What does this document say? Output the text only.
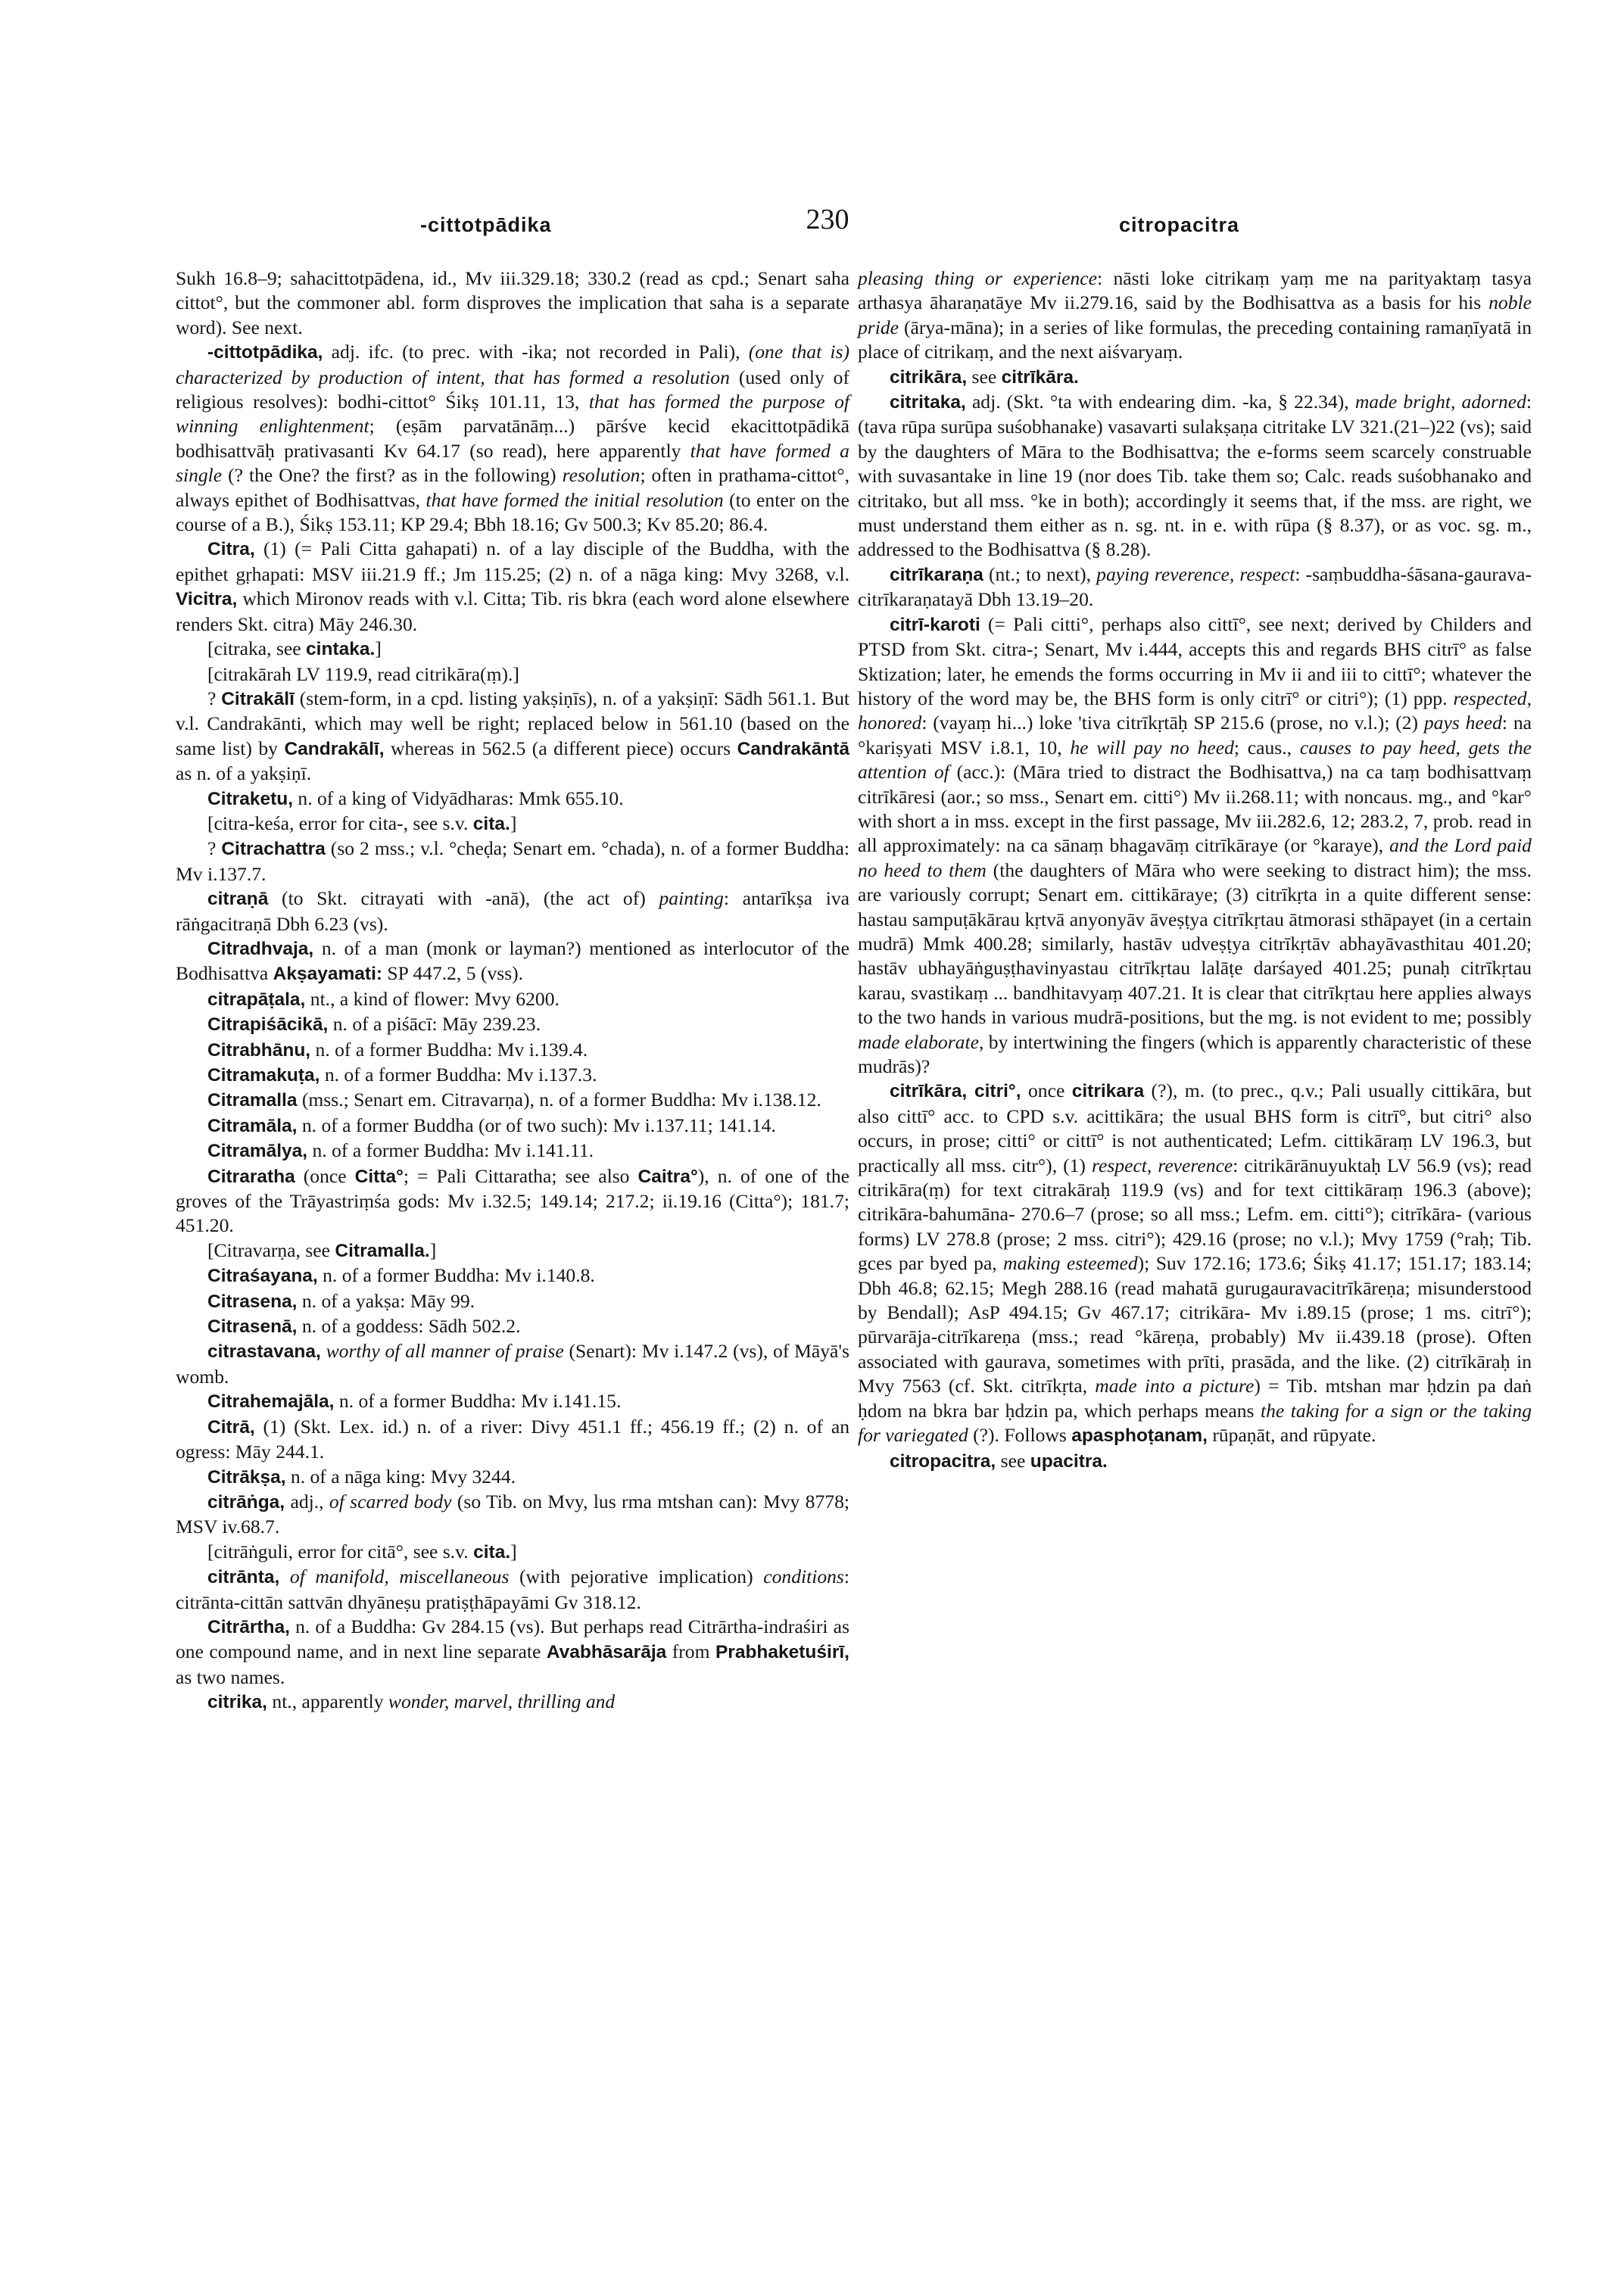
-cittotpādika	230	citropacitra

Sukh 16.8–9; sahacittotpādena, id., Mv iii.329.18; 330.2 (read as cpd.; Senart saha cittot°, but the commoner abl. form disproves the implication that saha is a separate word). See next.

-cittotpādika, adj. ifc. (to prec. with -ika; not recorded in Pali), (one that is) characterized by production of intent, that has formed a resolution (used only of religious resolves): bodhi-cittot° Śikṣ 101.11, 13, that has formed the purpose of winning enlightenment; (eṣām parvatānāṃ...) pārśve kecid ekacittotpādikā bodhisattvāḥ prativasanti Kv 64.17 (so read), here apparently that have formed a single (? the One? the first? as in the following) resolution; often in prathama-cittot°, always epithet of Bodhisattvas, that have formed the initial resolution (to enter on the course of a B.), Śikṣ 153.11; KP 29.4; Bbh 18.16; Gv 500.3; Kv 85.20; 86.4.

Citra, (1) (= Pali Citta gahapati) n. of a lay disciple of the Buddha, with the epithet gṛhapati: MSV iii.21.9 ff.; Jm 115.25; (2) n. of a nāga king: Mvy 3268, v.l. Vicitra, which Mironov reads with v.l. Citta; Tib. ris bkra (each word alone elsewhere renders Skt. citra) Māy 246.30.

[citraka, see cintaka.]

[citrakārah LV 119.9, read citrikāra(ṃ).]

? Citrakālī (stem-form, in a cpd. listing yakṣiṇīs), n. of a yakṣiṇī: Sādh 561.1. But v.l. Candrakānti, which may well be right; replaced below in 561.10 (based on the same list) by Candrakālī, whereas in 562.5 (a different piece) occurs Candrakāntā as n. of a yakṣiṇī.

Citraketu, n. of a king of Vidyādharas: Mmk 655.10.

[citra-keśa, error for cita-, see s.v. cita.]

? Citrachattra (so 2 mss.; v.l. °cheḍa; Senart em. °chada), n. of a former Buddha: Mv i.137.7.

citraṇā (to Skt. citrayati with -anā), (the act of) painting: antarīkṣa iva rāṅgacitraṇā Dbh 6.23 (vs).

Citradhvaja, n. of a man (monk or layman?) mentioned as interlocutor of the Bodhisattva Akṣayamati: SP 447.2, 5 (vss).

citrapāṭala, nt., a kind of flower: Mvy 6200.

Citrapiśācikā, n. of a piśācī: Māy 239.23.

Citrabhānu, n. of a former Buddha: Mv i.139.4.

Citramakuṭa, n. of a former Buddha: Mv i.137.3.

Citramalla (mss.; Senart em. Citravarṇa), n. of a former Buddha: Mv i.138.12.

Citramāla, n. of a former Buddha (or of two such): Mv i.137.11; 141.14.

Citramālya, n. of a former Buddha: Mv i.141.11.

Citraratha (once Citta°; = Pali Cittaratha; see also Caitra°), n. of one of the groves of the Trāyastriṃśa gods: Mv i.32.5; 149.14; 217.2; ii.19.16 (Citta°); 181.7; 451.20.

[Citravarṇa, see Citramalla.]

Citraśayana, n. of a former Buddha: Mv i.140.8.

Citrasena, n. of a yakṣa: Māy 99.

Citrasenā, n. of a goddess: Sādh 502.2.

citrastavana, worthy of all manner of praise (Senart): Mv i.147.2 (vs), of Māyā's womb.

Citrahemajāla, n. of a former Buddha: Mv i.141.15.

Citrā, (1) (Skt. Lex. id.) n. of a river: Divy 451.1 ff.; 456.19 ff.; (2) n. of an ogress: Māy 244.1.

Citrākṣa, n. of a nāga king: Mvy 3244.

citrāṅga, adj., of scarred body (so Tib. on Mvy, lus rma mtshan can): Mvy 8778; MSV iv.68.7.

[citrāṅguli, error for citā°, see s.v. cita.]

citrānta, of manifold, miscellaneous (with pejorative implication) conditions: citrānta-cittān sattvān dhyāneṣu pratiṣṭhāpayāmi Gv 318.12.

Citrārtha, n. of a Buddha: Gv 284.15 (vs). But perhaps read Citrārtha-indraśiri as one compound name, and in next line separate Avabhāsarāja from Prabhaketuśirī, as two names.

citrika, nt., apparently wonder, marvel, thrilling and

pleasing thing or experience: nāsti loke citrikaṃ yaṃ me na parityaktaṃ tasya arthasya āharaṇatāye Mv ii.279.16, said by the Bodhisattva as a basis for his noble pride (ārya-māna); in a series of like formulas, the preceding containing ramaṇīyatā in place of citrikaṃ, and the next aiśvaryaṃ.

citrikāra, see citrīkāra.

citritaka, adj. (Skt. °ta with endearing dim. -ka, § 22.34), made bright, adorned: (tava rūpa surūpa suśobhanake) vasavarti sulakṣaṇa citritake LV 321.(21–)22 (vs); said by the daughters of Māra to the Bodhisattva; the e-forms seem scarcely construable with suvasantake in line 19 (nor does Tib. take them so; Calc. reads suśobhanako and citritako, but all mss. °ke in both); accordingly it seems that, if the mss. are right, we must understand them either as n. sg. nt. in e. with rūpa (§ 8.37), or as voc. sg. m., addressed to the Bodhisattva (§ 8.28).

citrīkaraṇa (nt.; to next), paying reverence, respect: -saṃbuddha-śāsana-gaurava-citrīkaraṇatayā Dbh 13.19–20.

citrī-karoti (= Pali citti°, perhaps also cittī°, see next; derived by Childers and PTSD from Skt. citra-; Senart, Mv i.444, accepts this and regards BHS citrī° as false Sktization; later, he emends the forms occurring in Mv ii and iii to cittī°; whatever the history of the word may be, the BHS form is only citrī° or citri°); (1) ppp. respected, honored: (vayaṃ hi...) loke 'tiva citrīkṛtāḥ SP 215.6 (prose, no v.l.); (2) pays heed: na °kariṣyati MSV i.8.1, 10, he will pay no heed; caus., causes to pay heed, gets the attention of (acc.): (Māra tried to distract the Bodhisattva,) na ca taṃ bodhisattvaṃ citrīkāresi (aor.; so mss., Senart em. citti°) Mv ii.268.11; with noncaus. mg., and °kar° with short a in mss. except in the first passage, Mv iii.282.6, 12; 283.2, 7, prob. read in all approximately: na ca sānaṃ bhagavāṃ citrīkāraye (or °karaye), and the Lord paid no heed to them (the daughters of Māra who were seeking to distract him); the mss. are variously corrupt; Senart em. cittikāraye; (3) citrīkṛta in a quite different sense: hastau sampuṭākārau kṛtvā anyonyāv āveṣṭya citrīkṛtau ātmorasi sthāpayet (in a certain mudrā) Mmk 400.28; similarly, hastāv udveṣṭya citrīkṛtāv abhayāvasthitau 401.20; hastāv ubhayāṅguṣṭhavinyastau citrīkṛtau lalāṭe darśayed 401.25; punaḥ citrīkṛtau karau, svastikaṃ ... bandhitavyaṃ 407.21. It is clear that citrīkṛtau here applies always to the two hands in various mudrā-positions, but the mg. is not evident to me; possibly made elaborate, by intertwining the fingers (which is apparently characteristic of these mudrās)?

citrīkāra, citri°, once citrikara (?), m. (to prec., q.v.; Pali usually cittikāra, but also cittī° acc. to CPD s.v. acittikāra; the usual BHS form is citrī°, but citri° also occurs, in prose; citti° or cittī° is not authenticated; Lefm. cittikāraṃ LV 196.3, but practically all mss. citr°), (1) respect, reverence: citrikārānuyuktaḥ LV 56.9 (vs); read citrikāra(ṃ) for text citrakāraḥ 119.9 (vs) and for text cittikāraṃ 196.3 (above); citrikāra-bahumāna- 270.6–7 (prose; so all mss.; Lefm. em. citti°); citrīkāra- (various forms) LV 278.8 (prose; 2 mss. citri°); 429.16 (prose; no v.l.); Mvy 1759 (°raḥ; Tib. gces par byed pa, making esteemed); Suv 172.16; 173.6; Śikṣ 41.17; 151.17; 183.14; Dbh 46.8; 62.15; Megh 288.16 (read mahatā gurugauravacitrīkāreṇa; misunderstood by Bendall); AsP 494.15; Gv 467.17; citrikāra- Mv i.89.15 (prose; 1 ms. citrī°); pūrvarāja-citrīkareṇa (mss.; read °kāreṇa, probably) Mv ii.439.18 (prose). Often associated with gaurava, sometimes with prīti, prasāda, and the like. (2) citrīkāraḥ in Mvy 7563 (cf. Skt. citrīkṛta, made into a picture) = Tib. mtshan mar ḥdzin pa daṅ ḥdom na bkra bar ḥdzin pa, which perhaps means the taking for a sign or the taking for variegated (?). Follows apasphoṭanam, rūpaṇāt, and rūpyate.

citropacitra, see upacitra.
